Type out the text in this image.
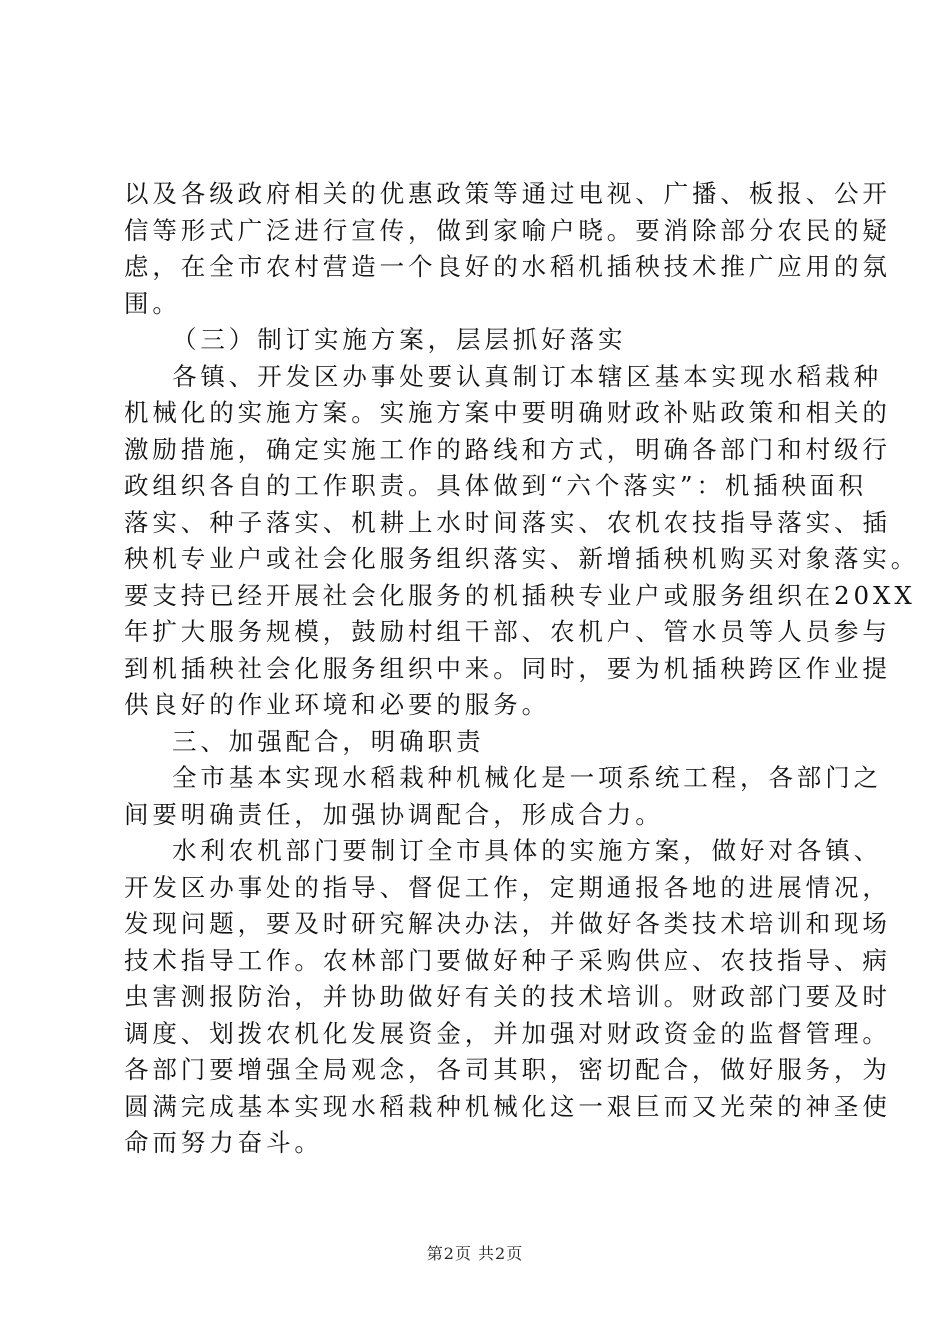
以及各级政府相关的优惠政策等通过电视、广播、板报、公开
信等形式广泛进行宣传，做到家喻户晓。要消除部分农民的疑
虑，在全市农村营造一个良好的水稻机插秧技术推广应用的氛
围。
（三）制订实施方案，层层抓好落实
各镇、开发区办事处要认真制订本辖区基本实现水稻栽种
机械化的实施方案。实施方案中要明确财政补贴政策和相关的
激励措施，确定实施工作的路线和方式，明确各部门和村级行
政组织各自的工作职责。具体做到“六个落实”：机插秧面积
落实、种子落实、机耕上水时间落实、农机农技指导落实、插
秧机专业户或社会化服务组织落实、新增插秧机购买对象落实。
要支持已经开展社会化服务的机插秧专业户或服务组织在20XX
年扩大服务规模，鼓励村组干部、农机户、管水员等人员参与
到机插秧社会化服务组织中来。同时，要为机插秧跨区作业提
供良好的作业环境和必要的服务。
三、加强配合，明确职责
全市基本实现水稻栽种机械化是一项系统工程，各部门之
间要明确责任，加强协调配合，形成合力。
水利农机部门要制订全市具体的实施方案，做好对各镇、
开发区办事处的指导、督促工作，定期通报各地的进展情况，
发现问题，要及时研究解决办法，并做好各类技术培训和现场
技术指导工作。农林部门要做好种子采购供应、农技指导、病
虫害测报防治，并协助做好有关的技术培训。财政部门要及时
调度、划拨农机化发展资金，并加强对财政资金的监督管理。
各部门要增强全局观念，各司其职，密切配合，做好服务，为
圆满完成基本实现水稻栽种机械化这一艰巨而又光荣的神圣使
命而努力奋斗。
第2页 共2页
